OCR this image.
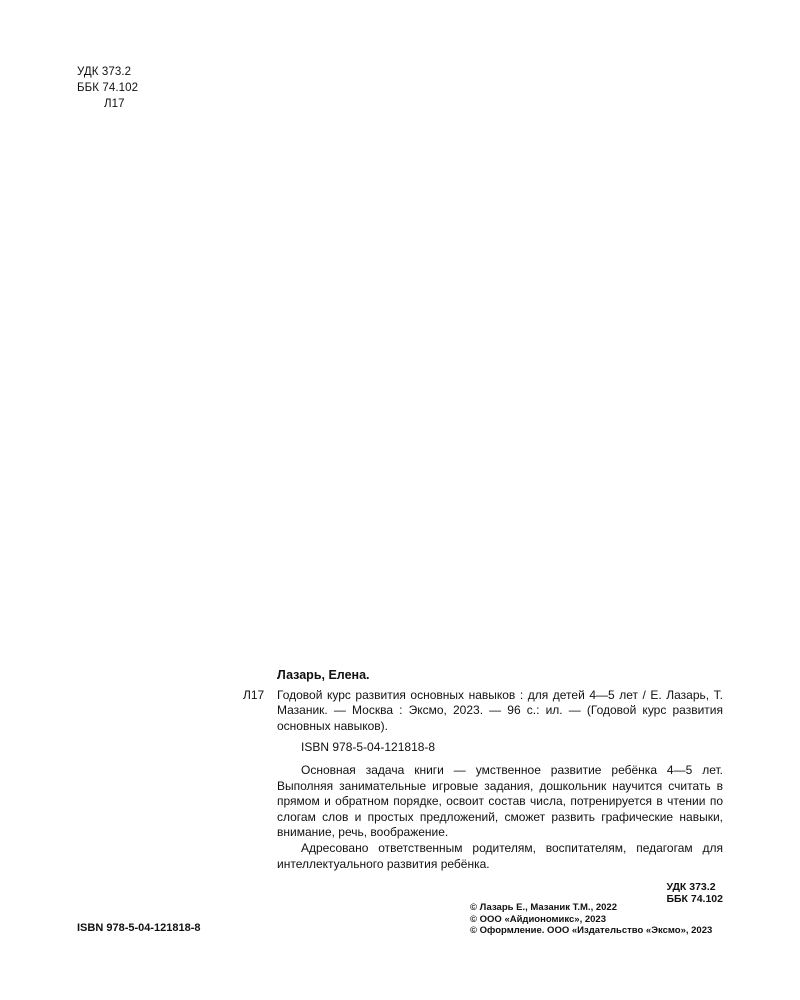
УДК 373.2
ББК 74.102
Л17
Лазарь, Елена.
Л17	Годовой курс развития основных навыков : для детей 4—5 лет / Е. Лазарь, Т. Мазаник. — Москва : Эксмо, 2023. — 96 с.: ил. — (Годовой курс развития основных навыков).
ISBN 978-5-04-121818-8

Основная задача книги — умственное развитие ребёнка 4—5 лет. Выполняя занимательные игровые задания, дошкольник научится считать в прямом и обратном порядке, освоит состав числа, потренируется в чтении по слогам слов и простых предложений, сможет развить графические навыки, внимание, речь, воображение.

Адресовано ответственным родителям, воспитателям, педагогам для интеллектуального развития ребёнка.

УДК 373.2
ББК 74.102
ISBN 978-5-04-121818-8
© Лазарь Е., Мазаник Т.М., 2022
© ООО «Айдиономикс», 2023
© Оформление. ООО «Издательство «Эксмо», 2023
